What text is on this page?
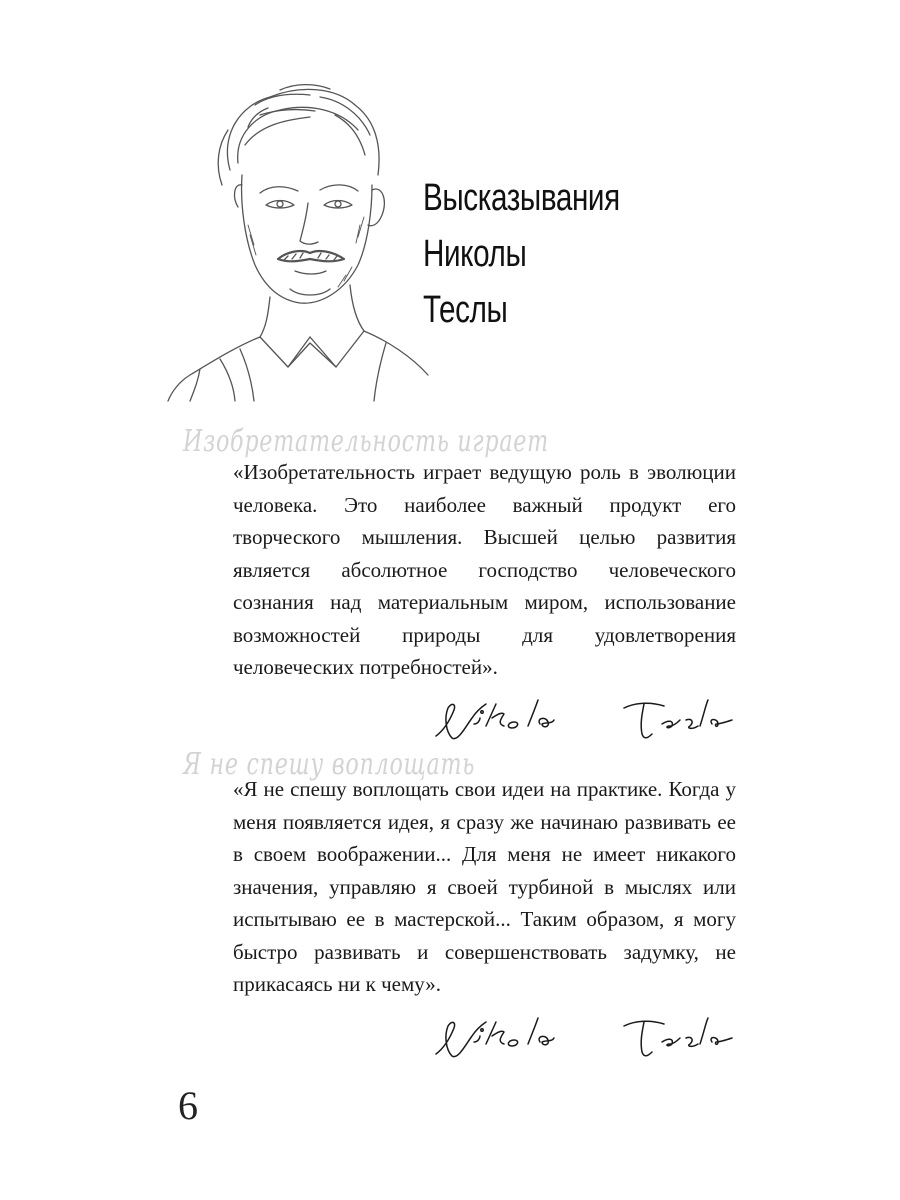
Высказывания
Николы
Теслы

Изобретательность играет

«Изобретательность играет ведущую роль в эволюции человека. Это наиболее важный продукт его творческого мышления. Высшей целью развития является абсолютное господство человеческого сознания над материальным миром, использование возможностей природы для удовлетворения человеческих потребностей».

Я не спешу воплощать

«Я не спешу воплощать свои идеи на практике. Когда у меня появляется идея, я сразу же начинаю развивать ее в своем воображении... Для меня не имеет никакого значения, управляю я своей турбиной в мыслях или испытываю ее в мастерской... Таким образом, я могу быстро развивать и совершенствовать задумку, не прикасаясь ни к чему».

6
